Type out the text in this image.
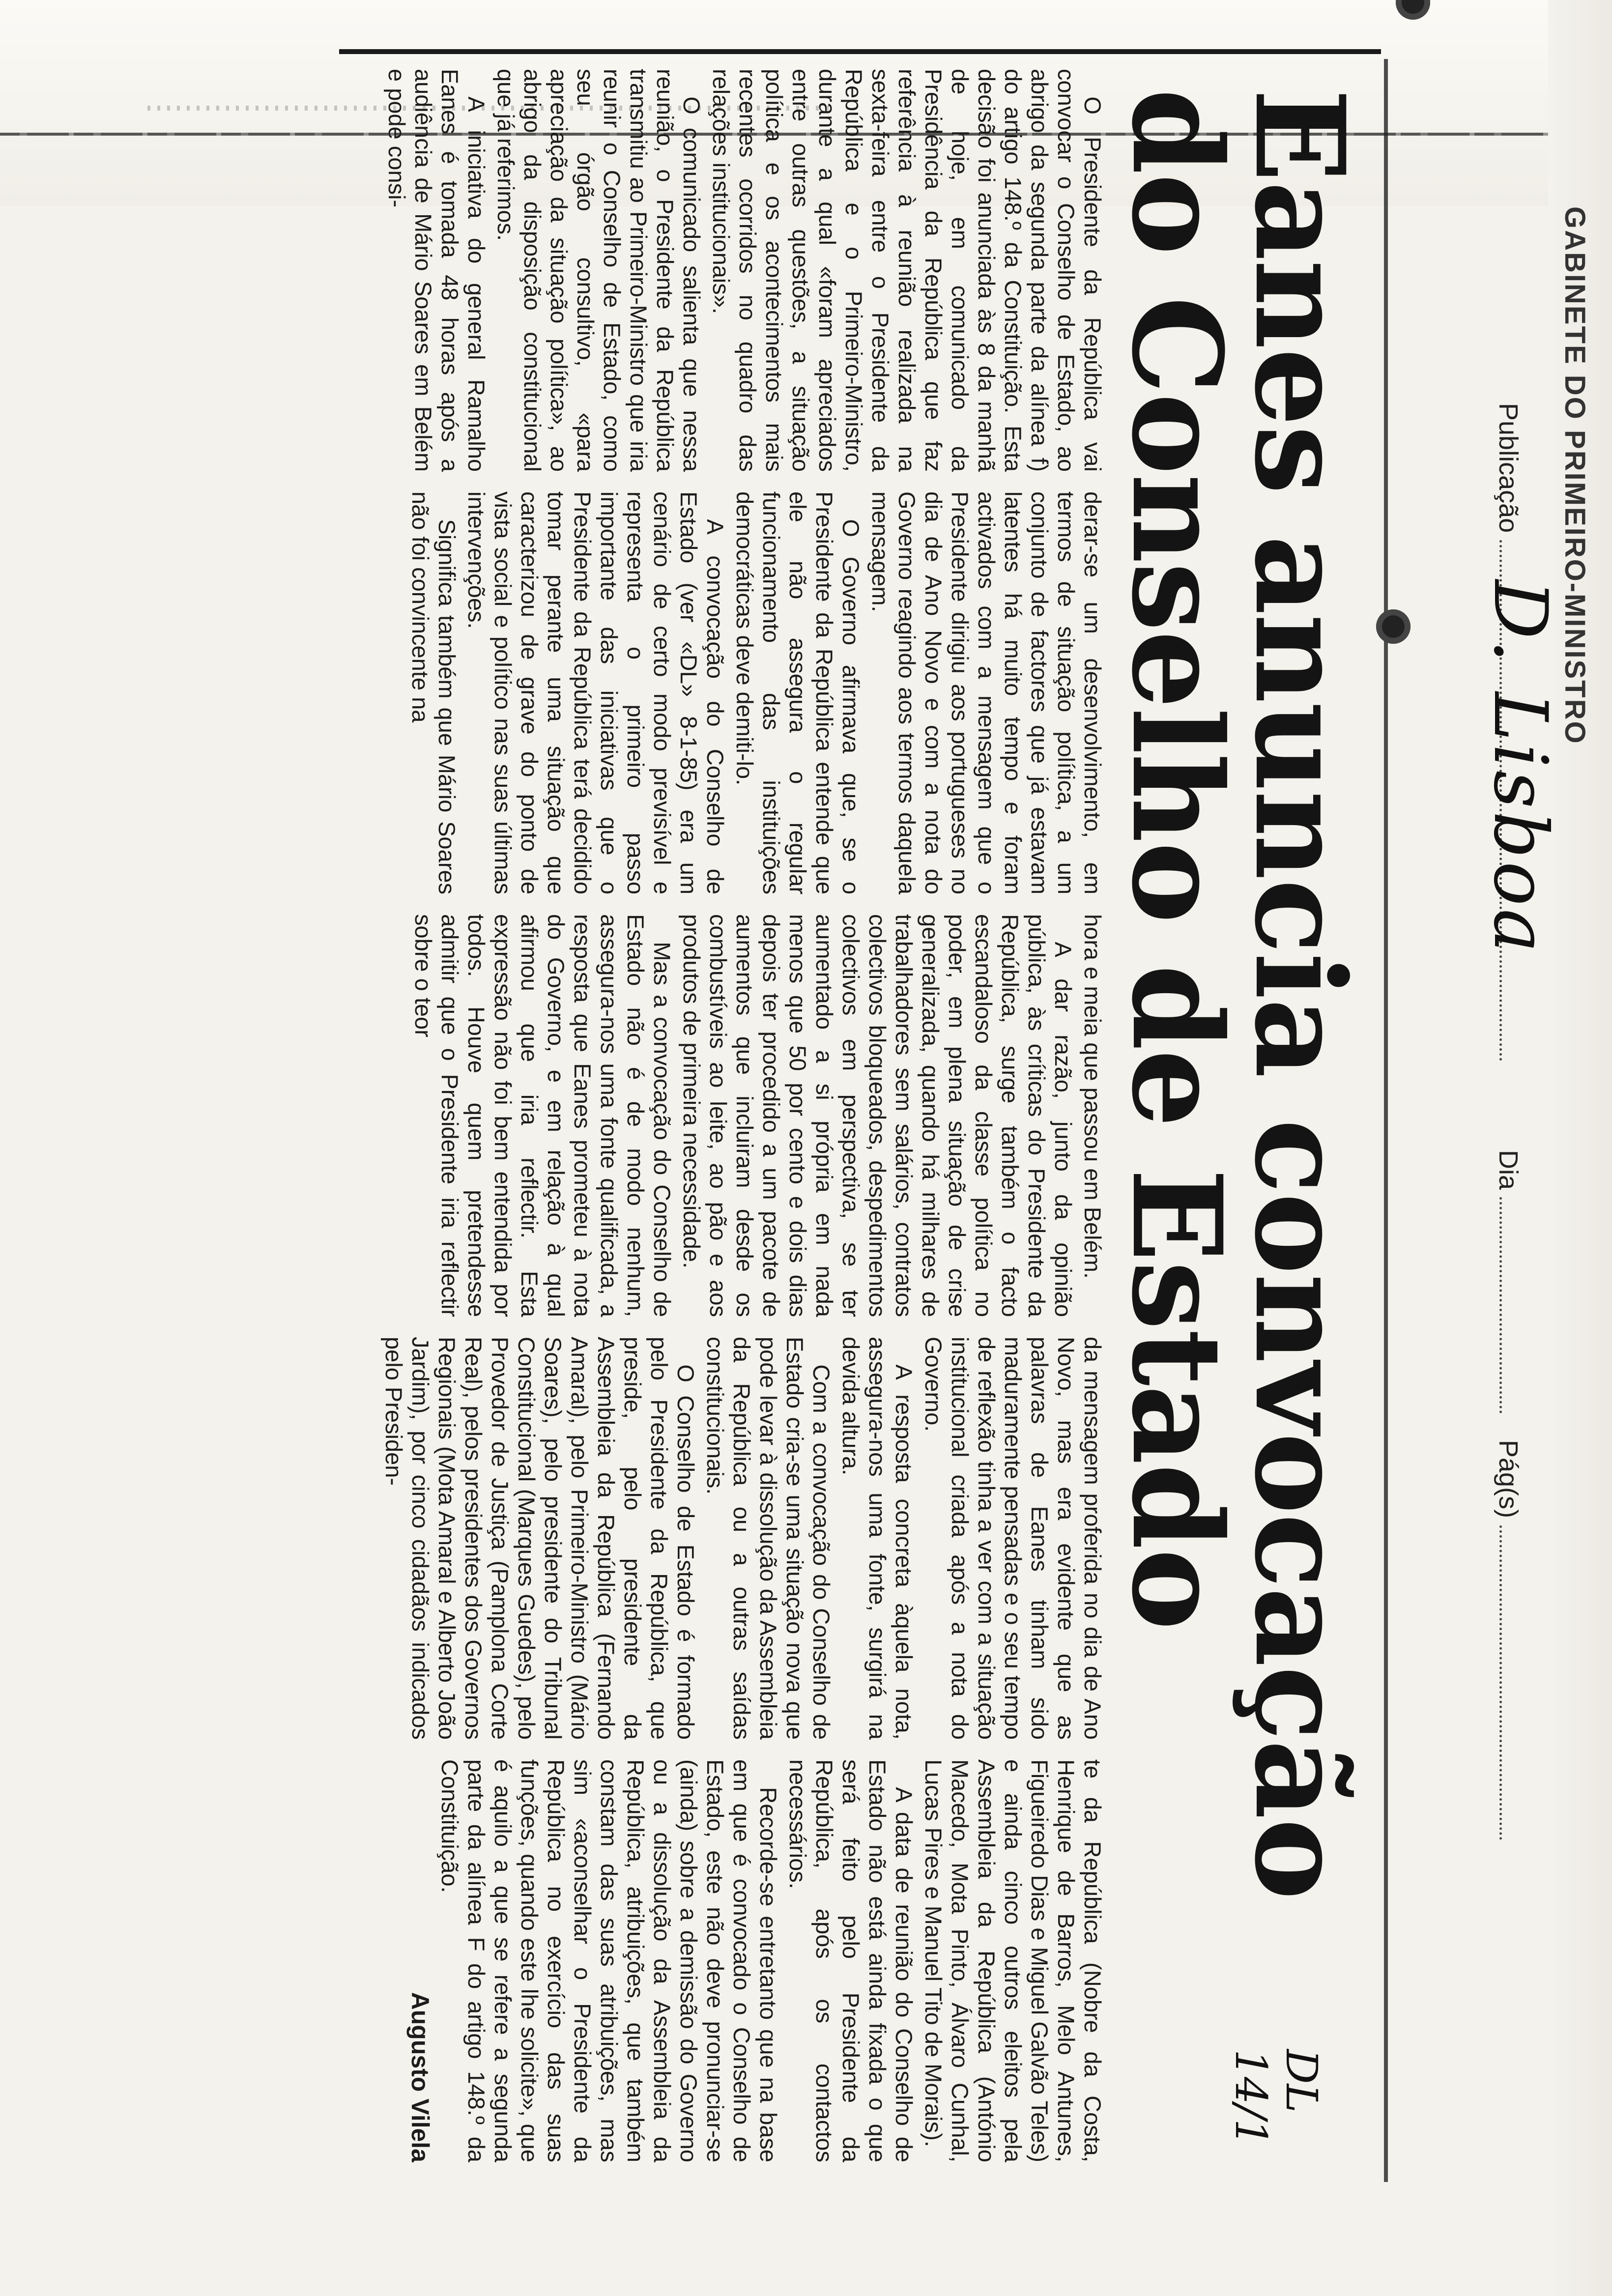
GABINETE DO PRIMEIRO-MINISTRO
Publicação
D. Lisboa
Dia
Pág(s)
DL 14/1
Eanes anuncia convocação
do Conselho de Estado

O Presidente da República vai convocar o Conselho de Estado, ao abrigo da segunda parte da alínea f) do artigo 148.º da Constituição. Esta decisão foi anunciada às 8 da manhã de hoje, em comunicado da Presidência da República que faz referência à reunião realizada na sexta-feira entre o Presidente da República e o Primeiro-Ministro, durante a qual «foram apreciados entre outras questões, a situação política e os acontecimentos mais recentes ocorridos no quadro das relações institucionais».

O comunicado salienta que nessa reunião, o Presidente da República transmitiu ao Primeiro-Ministro que iria reunir o Conselho de Estado, como seu órgão consultivo, «para apreciação da situação política», ao abrigo da disposição constitucional que já referimos.

A iniciativa do general Ramalho Eanes é tomada 48 horas após a audiência de Mário Soares em Belém e pode consi-

derar-se um desenvolvimento, em termos de situação política, a um conjunto de factores que já estavam latentes há muito tempo e foram activados com a mensagem que o Presidente dirigiu aos portugueses no dia de Ano Novo e com a nota do Governo reagindo aos termos daquela mensagem.

O Governo afirmava que, se o Presidente da República entende que ele não assegura o regular funcionamento das instituições democráticas deve demiti-lo.

A convocação do Conselho de Estado (ver «DL» 8-1-85) era um cenário de certo modo previsível e representa o primeiro passo importante das iniciativas que o Presidente da República terá decidido tomar perante uma situação que caracterizou de grave do ponto de vista social e político nas suas últimas intervenções.

Significa também que Mário Soares não foi convincente na

hora e meia que passou em Belém.

A dar razão, junto da opinião pública, às críticas do Presidente da República, surge também o facto escandaloso da classe política no poder, em plena situação de crise generalizada, quando há milhares de trabalhadores sem salários, contratos colectivos bloqueados, despedimentos colectivos em perspectiva, se ter aumentado a si própria em nada menos que 50 por cento e dois dias depois ter procedido a um pacote de aumentos que incluiram desde os combustíveis ao leite, ao pão e aos produtos de primeira necessidade.

Mas a convocação do Conselho de Estado não é de modo nenhum, assegura-nos uma fonte qualificada, a resposta que Eanes prometeu à nota do Governo, e em relação à qual afirmou que iria reflectir. Esta expressão não foi bem entendida por todos. Houve quem pretendesse admitir que o Presidente iria reflectir sobre o teor

da mensagem proferida no dia de Ano Novo, mas era evidente que as palavras de Eanes tinham sido maduramente pensadas e o seu tempo de reflexão tinha a ver com a situação institucional criada após a nota do Governo.

A resposta concreta àquela nota, assegura-nos uma fonte, surgirá na devida altura.

Com a convocação do Conselho de Estado cria-se uma situação nova que pode levar à dissolução da Assembleia da República ou a outras saídas constitucionais.

O Conselho de Estado é formado pelo Presidente da República, que preside, pelo presidente da Assembleia da República (Fernando Amaral), pelo Primeiro-Ministro (Mário Soares), pelo presidente do Tribunal Constitucional (Marques Guedes), pelo Provedor de Justiça (Pamplona Corte Real), pelos presidentes dos Governos Regionais (Mota Amaral e Alberto João Jardim), por cinco cidadãos indicados pelo Presiden-

te da República (Nobre da Costa, Henrique de Barros, Melo Antunes, Figueiredo Dias e Miguel Galvão Teles) e ainda cinco outros eleitos pela Assembleia da República (António Macedo, Mota Pinto, Álvaro Cunhal, Lucas Pires e Manuel Tito de Morais).

A data de reunião do Conselho de Estado não está ainda fixada o que será feito pelo Presidente da República, após os contactos necessários.

Recorde-se entretanto que na base em que é convocado o Conselho de Estado, este não deve pronunciar-se (ainda) sobre a demissão do Governo ou a dissolução da Assembleia da República, atribuições, que também constam das suas atribuições, mas sim «aconselhar o Presidente da República no exercício das suas funções, quando este lhe solicite», que é aquilo a que se refere a segunda parte da alínea F do artigo 148.º da Constituição.

Augusto Vilela
